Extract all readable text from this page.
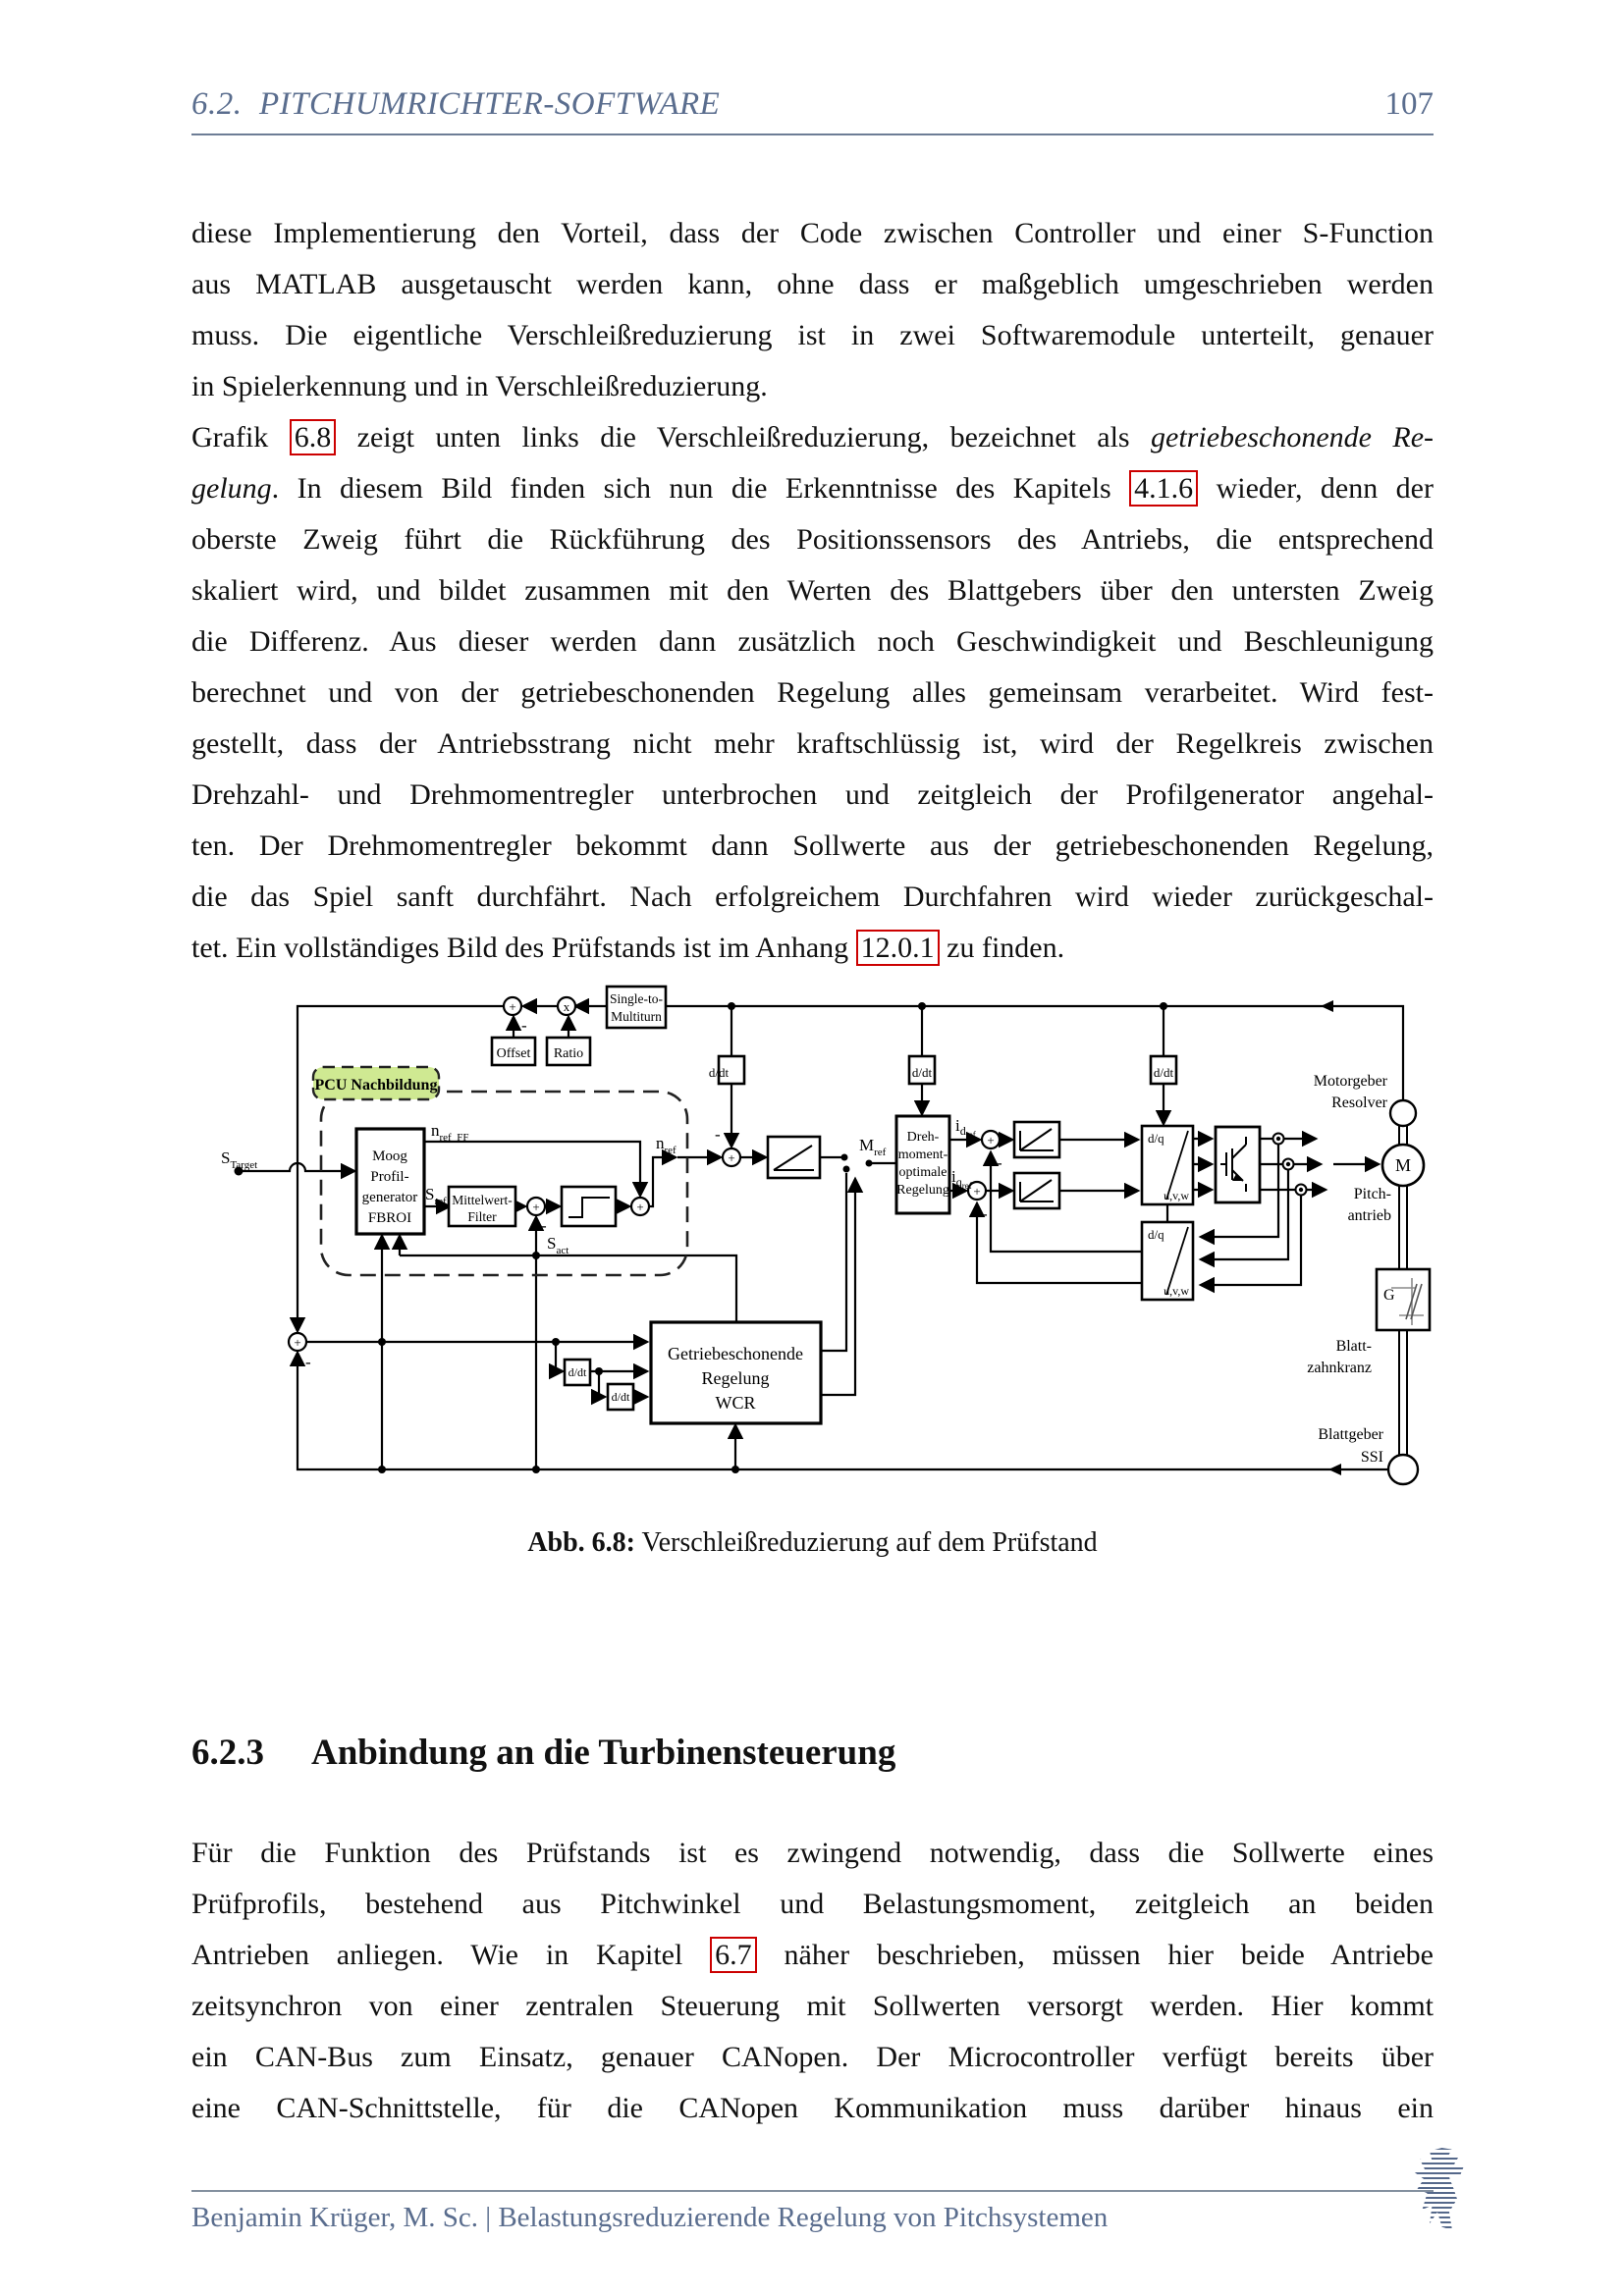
6.2. PITCHUMRICHTER-SOFTWARE	107
diese Implementierung den Vorteil, dass der Code zwischen Controller und einer S-Function
aus MATLAB ausgetauscht werden kann, ohne dass er maßgeblich umgeschrieben werden
muss. Die eigentliche Verschleißreduzierung ist in zwei Softwaremodule unterteilt, genauer
in Spielerkennung und in Verschleißreduzierung.
Grafik 6.8 zeigt unten links die Verschleißreduzierung, bezeichnet als getriebeschonende Re-
gelung. In diesem Bild finden sich nun die Erkenntnisse des Kapitels 4.1.6 wieder, denn der
oberste Zweig führt die Rückführung des Positionssensors des Antriebs, die entsprechend
skaliert wird, und bildet zusammen mit den Werten des Blattgebers über den untersten Zweig
die Differenz. Aus dieser werden dann zusätzlich noch Geschwindigkeit und Beschleunigung
berechnet und von der getriebeschonenden Regelung alles gemeinsam verarbeitet. Wird fest-
gestellt, dass der Antriebsstrang nicht mehr kraftschlüssig ist, wird der Regelkreis zwischen
Drehzahl- und Drehmomentregler unterbrochen und zeitgleich der Profilgenerator angehal-
ten. Der Drehmomentregler bekommt dann Sollwerte aus der getriebeschonenden Regelung,
die das Spiel sanft durchfährt. Nach erfolgreichem Durchfahren wird wieder zurückgeschal-
tet. Ein vollständiges Bild des Prüfstands ist im Anhang 12.0.1 zu finden.
PCU Nachbildung
+	x
+
+	+
+
+
+
-
-
-
-
-
-
Single-to-
Multiturn
Offset Ratio
Moog
Profil-
generator
FBROI
Mittelwert-
Filter
Dreh-
moment-
optimale
Regelung
Getriebeschonende
Regelung
WCR
M
d/dt	d/dt	d/dt
d/dt
d/dt
d/q
u,v,w
d/q
u,v,w	G
$S_{Target}$
$n_{ref\_FF}$
$S_{ref}$
$S_{act}$
$n_{ref}$	$M_{ref}$
$i_dref$
$i_qref$
Motorgeber
Resolver
Pitch-
antrieb
Blatt-
zahnkranz
Blattgeber
SSI
Abb. 6.8: Verschleißreduzierung auf dem Prüfstand
6.2.3 Anbindung an die Turbinensteuerung
Für die Funktion des Prüfstands ist es zwingend notwendig, dass die Sollwerte eines
Prüfprofils, bestehend aus Pitchwinkel und Belastungsmoment, zeitgleich an beiden
Antrieben anliegen. Wie in Kapitel 6.7 näher beschrieben, müssen hier beide Antriebe
zeitsynchron von einer zentralen Steuerung mit Sollwerten versorgt werden. Hier kommt
ein CAN-Bus zum Einsatz, genauer CANopen. Der Microcontroller verfügt bereits über
eine CAN-Schnittstelle, für die CANopen Kommunikation muss darüber hinaus ein
Benjamin Krüger, M. Sc. | Belastungsreduzierende Regelung von Pitchsystemen
